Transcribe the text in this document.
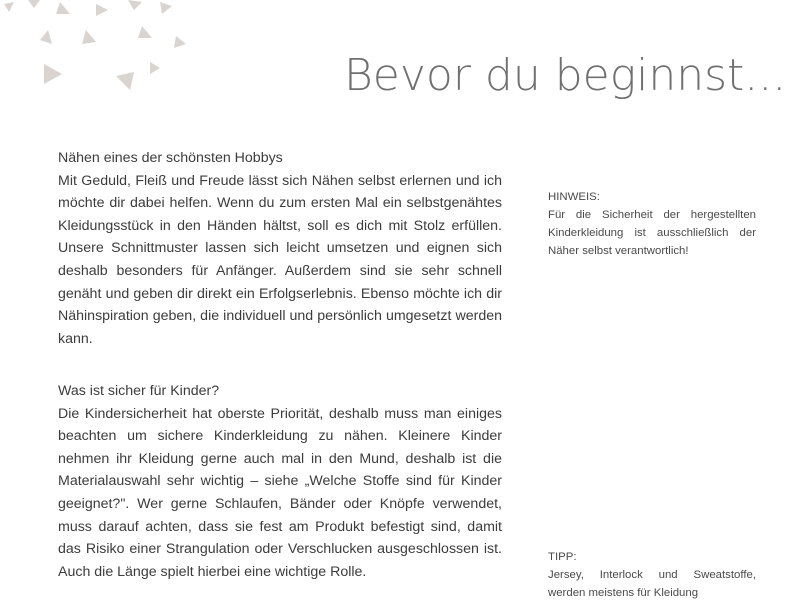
Bevor du beginnst...
Nähen eines der schönsten Hobbys
Mit Geduld, Fleiß und Freude lässt sich Nähen selbst erlernen und ich möchte dir dabei helfen. Wenn du zum ersten Mal ein selbstgenähtes Kleidungsstück in den Händen hältst, soll es dich mit Stolz erfüllen. Unsere Schnittmuster lassen sich leicht umsetzen und eignen sich deshalb besonders für Anfänger. Außerdem sind sie sehr schnell genäht und geben dir direkt ein Erfolgserlebnis. Ebenso möchte ich dir Nähinspiration geben, die individuell und persönlich umgesetzt werden kann.
Was ist sicher für Kinder?
Die Kindersicherheit hat oberste Priorität, deshalb muss man einiges beachten um sichere Kinderkleidung zu nähen. Kleinere Kinder nehmen ihr Kleidung gerne auch mal in den Mund, deshalb ist die Materialauswahl sehr wichtig – siehe „Welche Stoffe sind für Kinder geeignet?". Wer gerne Schlaufen, Bänder oder Knöpfe verwendet, muss darauf achten, dass sie fest am Produkt befestigt sind, damit das Risiko einer Strangulation oder Verschlucken ausgeschlossen ist. Auch die Länge spielt hierbei eine wichtige Rolle.
HINWEIS:
Für die Sicherheit der hergestellten Kinderkleidung ist ausschließlich der Näher selbst verantwortlich!
TIPP:
Jersey, Interlock und Sweatstoffe, werden meistens für Kleidung
